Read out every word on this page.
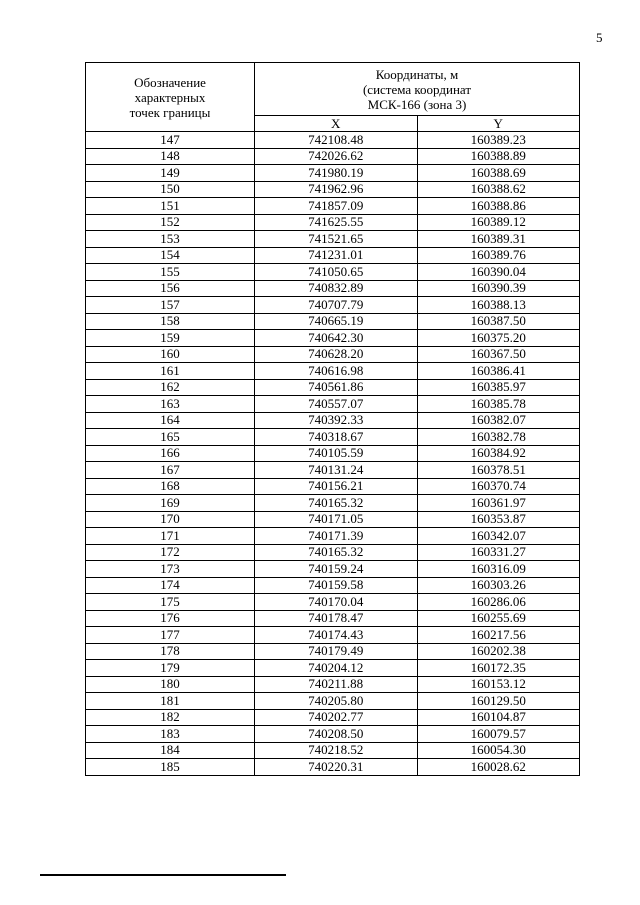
5
Обозначение
характерных
точек границы	Координаты, м
(система координат
МСК-166 (зона 3)	

	X	Y
147	742108.48	160389.23
148	742026.62	160388.89
149	741980.19	160388.69
150	741962.96	160388.62
151	741857.09	160388.86
152	741625.55	160389.12
153	741521.65	160389.31
154	741231.01	160389.76
155	741050.65	160390.04
156	740832.89	160390.39
157	740707.79	160388.13
158	740665.19	160387.50
159	740642.30	160375.20
160	740628.20	160367.50
161	740616.98	160386.41
162	740561.86	160385.97
163	740557.07	160385.78
164	740392.33	160382.07
165	740318.67	160382.78
166	740105.59	160384.92
167	740131.24	160378.51
168	740156.21	160370.74
169	740165.32	160361.97
170	740171.05	160353.87
171	740171.39	160342.07
172	740165.32	160331.27
173	740159.24	160316.09
174	740159.58	160303.26
175	740170.04	160286.06
176	740178.47	160255.69
177	740174.43	160217.56
178	740179.49	160202.38
179	740204.12	160172.35
180	740211.88	160153.12
181	740205.80	160129.50
182	740202.77	160104.87
183	740208.50	160079.57
184	740218.52	160054.30
185	740220.31	160028.62
